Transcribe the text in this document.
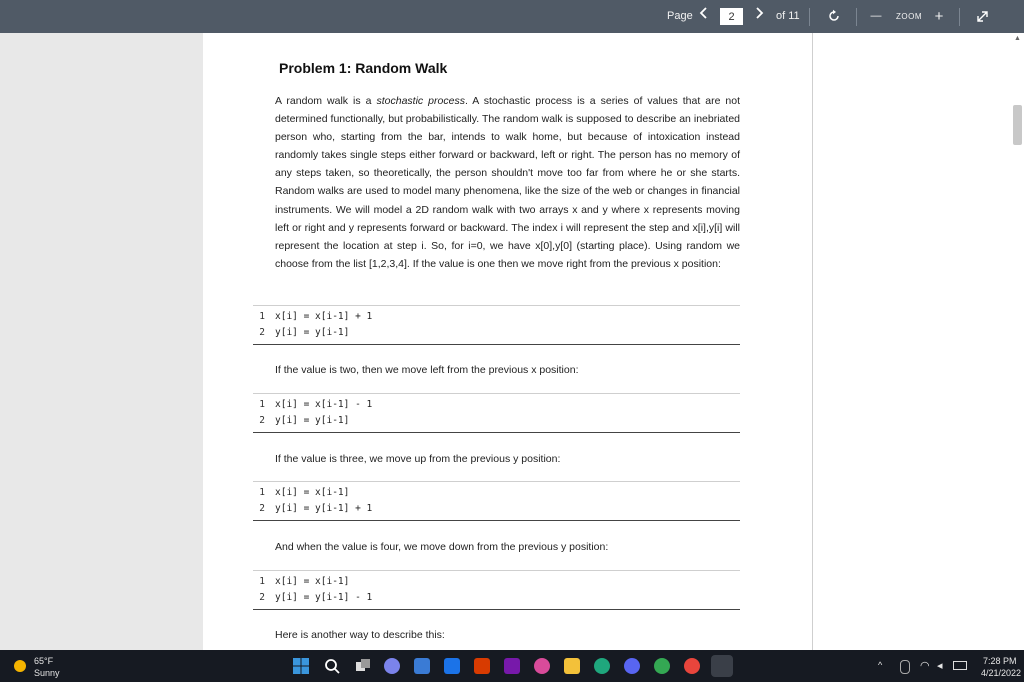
Page
2	of 11	— ZOOM +
Problem 1: Random Walk

A random walk is a stochastic process. A stochastic process is a series of values that are not determined functionally, but probabilistically. The random walk is supposed to describe an inebriated person who, starting from the bar, intends to walk home, but because of intoxication instead randomly takes single steps either forward or backward, left or right. The person has no memory of any steps taken, so theoretically, the person shouldn't move too far from where he or she starts. Random walks are used to model many phenomena, like the size of the web or changes in financial instruments. We will model a 2D random walk with two arrays x and y where x represents moving left or right and y represents forward or backward. The index i will represent the step and x[i],y[i] will represent the location at step i. So, for i=0, we have x[0],y[0] (starting place). Using random we choose from the list [1,2,3,4]. If the value is one then we move right from the previous x position:

1 x[i] = x[i-1] + 1
2 y[i] = y[i-1]

If the value is two, then we move left from the previous x position:

1 x[i] = x[i-1] - 1
2 y[i] = y[i-1]

If the value is three, we move up from the previous y position:

1 x[i] = x[i-1]
2 y[i] = y[i-1] + 1

And when the value is four, we move down from the previous y position:

1 x[i] = x[i-1]
2 y[i] = y[i-1] - 1

Here is another way to describe this:

▲
65°F
Sunny
^	◠ ◂	7:28 PM
4/21/2022
